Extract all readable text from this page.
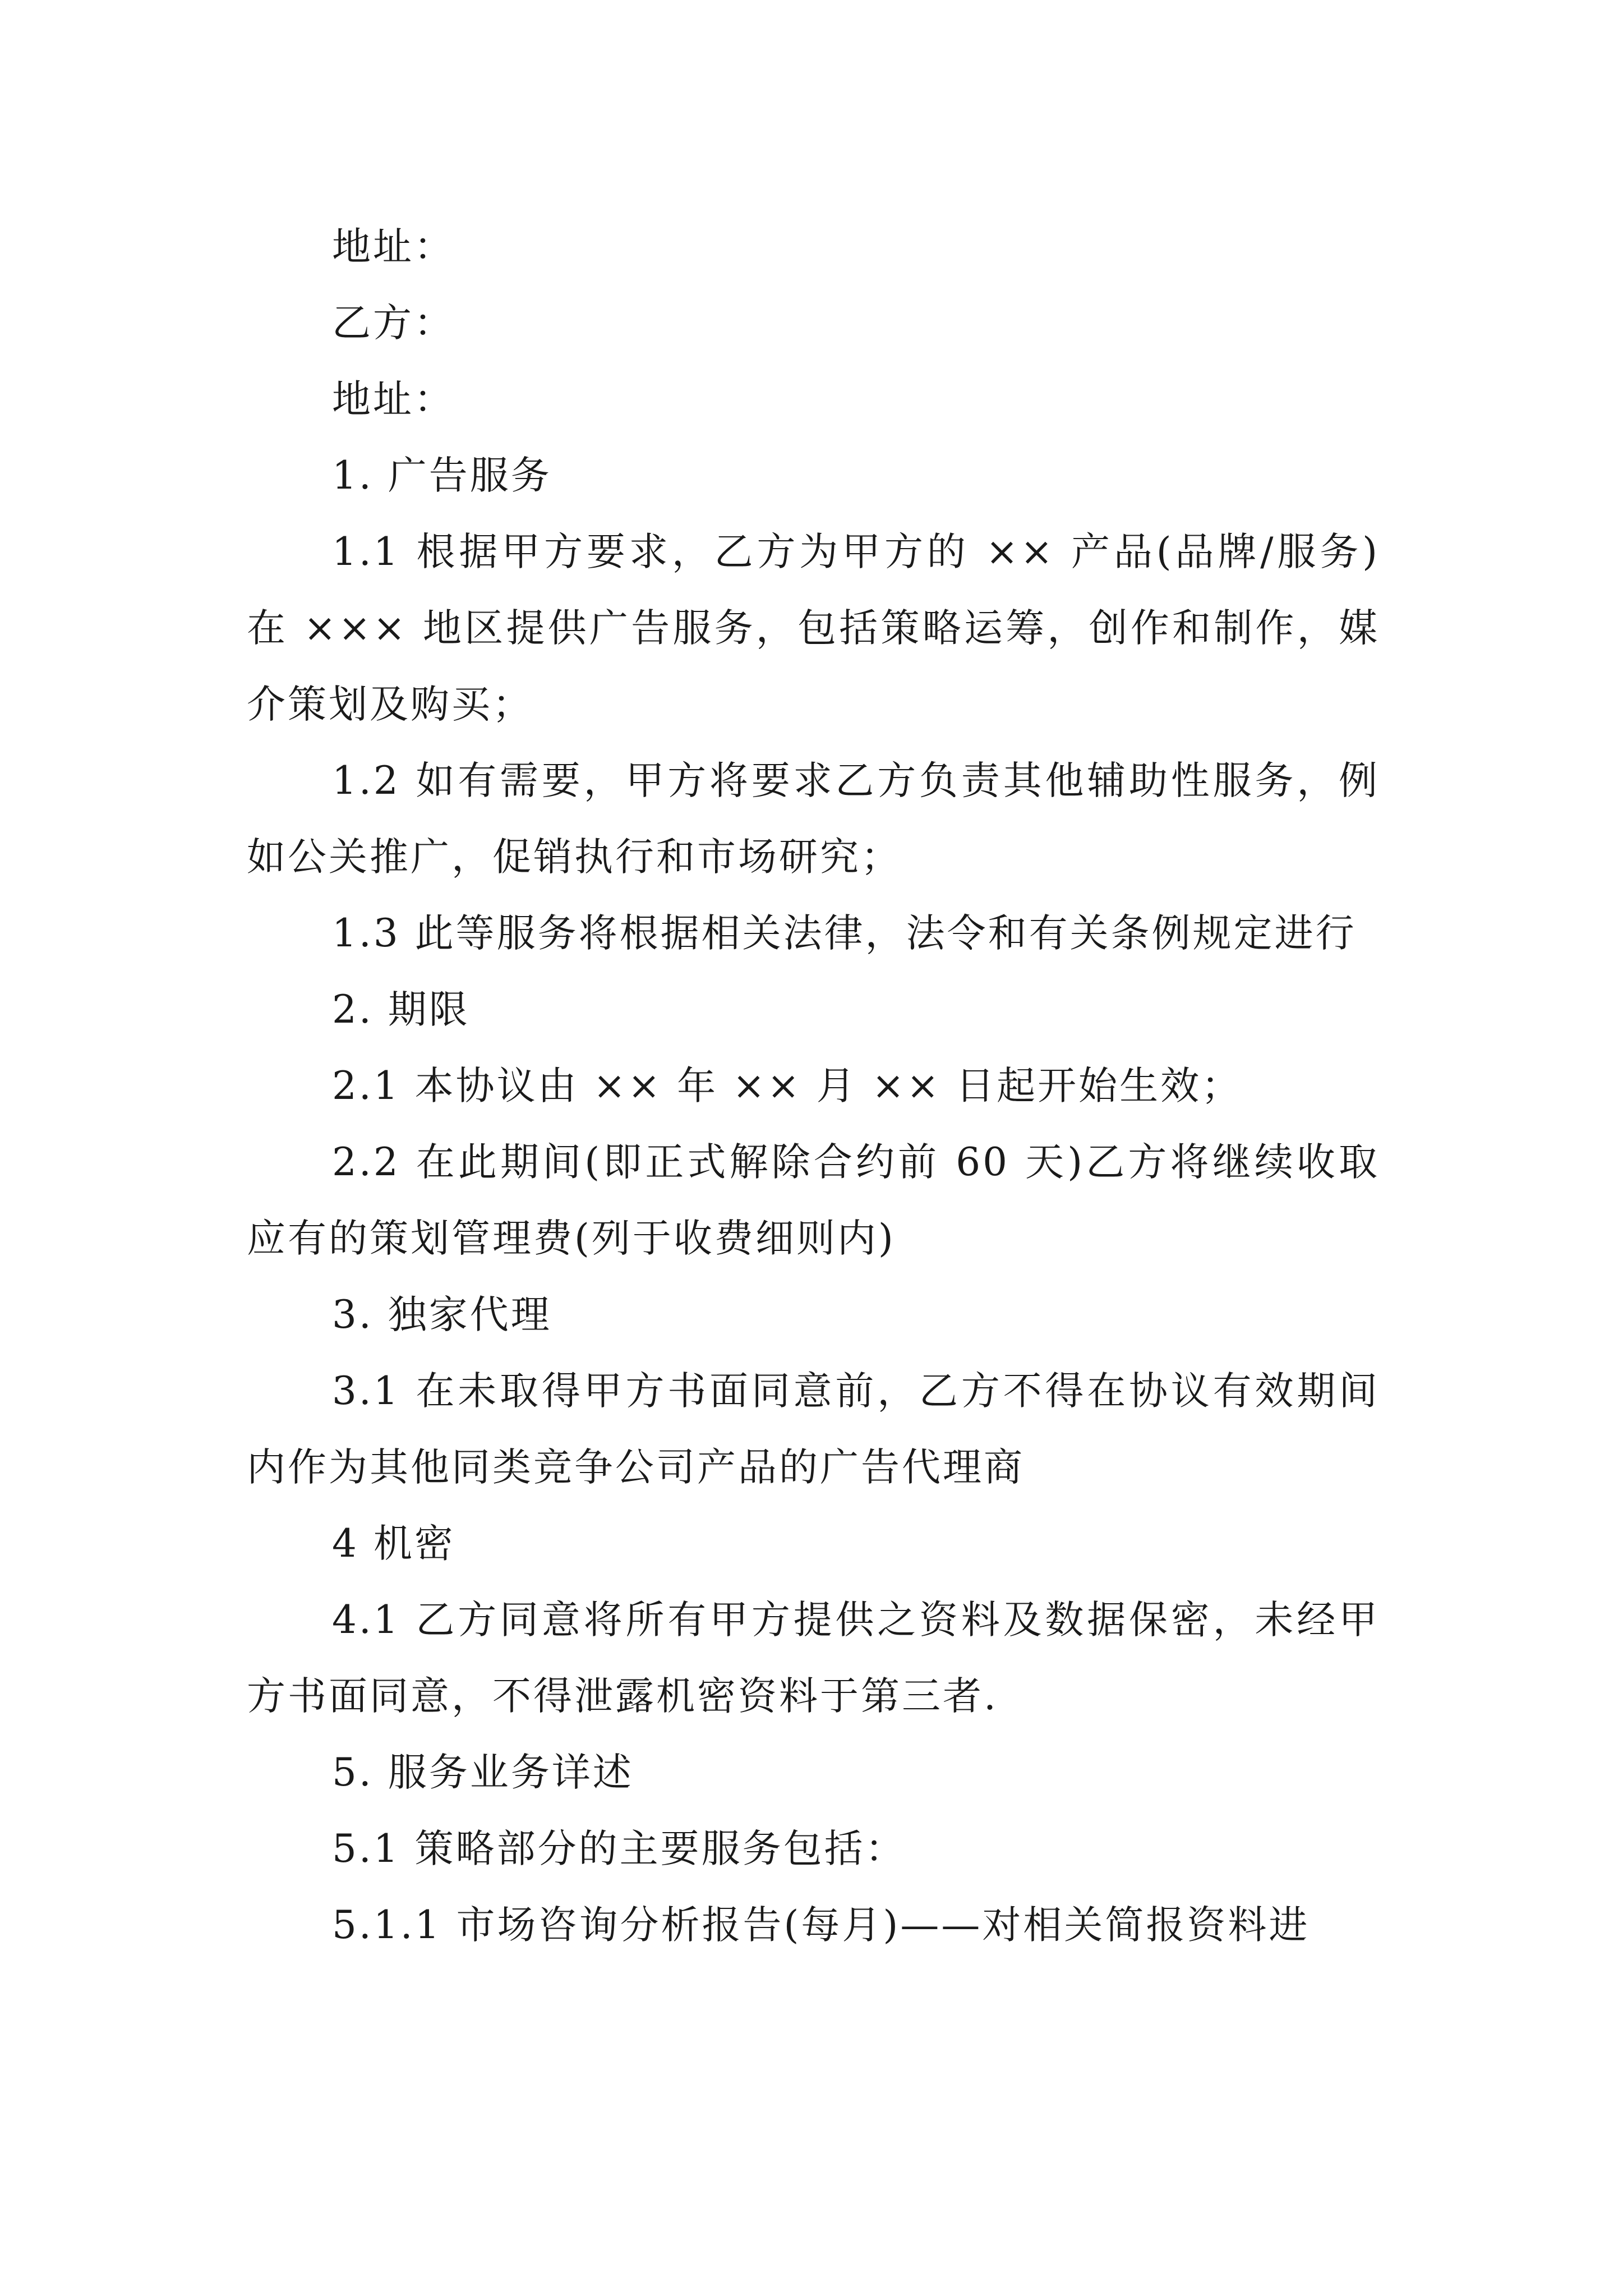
地址：

乙方：

地址：

1. 广告服务

1.1 根据甲方要求，乙方为甲方的 ×× 产品(品牌/服务)在 ××× 地区提供广告服务，包括策略运筹，创作和制作，媒介策划及购买；

1.2 如有需要，甲方将要求乙方负责其他辅助性服务，例如公关推广，促销执行和市场研究；

1.3 此等服务将根据相关法律，法令和有关条例规定进行

2. 期限

2.1 本协议由 ×× 年 ×× 月 ×× 日起开始生效；

2.2 在此期间(即正式解除合约前 60 天)乙方将继续收取应有的策划管理费(列于收费细则内)

3. 独家代理

3.1 在未取得甲方书面同意前，乙方不得在协议有效期间内作为其他同类竞争公司产品的广告代理商

4 机密

4.1 乙方同意将所有甲方提供之资料及数据保密，未经甲方书面同意，不得泄露机密资料于第三者.

5. 服务业务详述

5.1 策略部分的主要服务包括：

5.1.1 市场咨询分析报告(每月)——对相关简报资料进
